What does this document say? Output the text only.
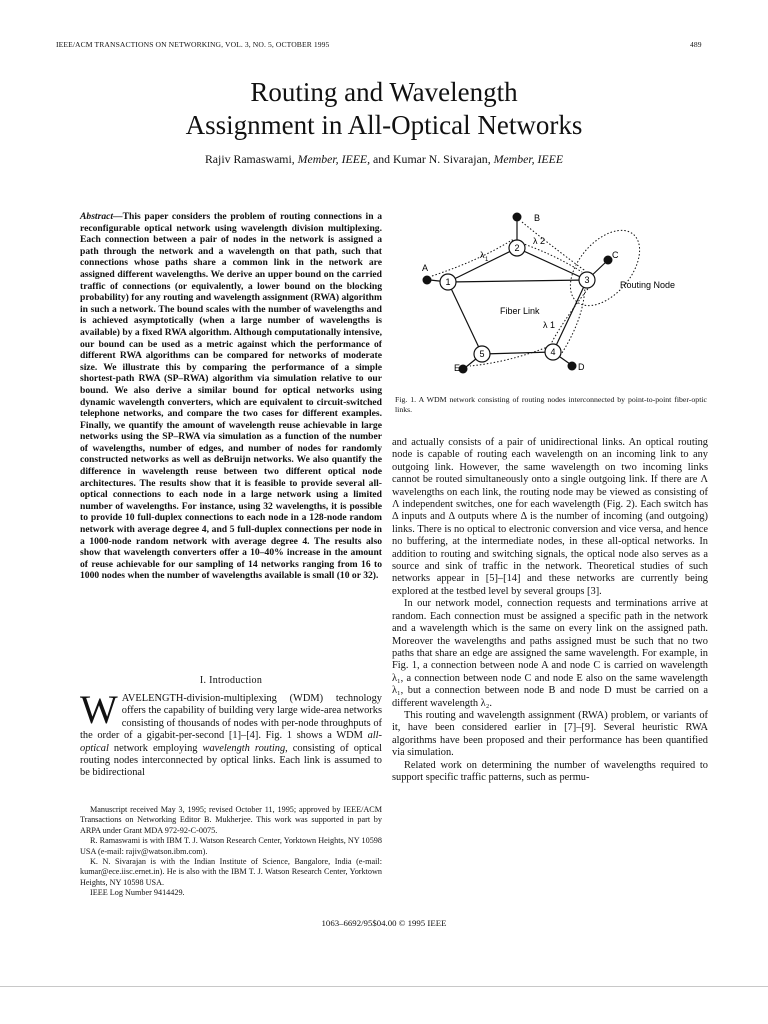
IEEE/ACM TRANSACTIONS ON NETWORKING, VOL. 3, NO. 5, OCTOBER 1995	489
Routing and Wavelength
Assignment in All-Optical Networks
Rajiv Ramaswami, Member, IEEE, and Kumar N. Sivarajan, Member, IEEE
Abstract—This paper considers the problem of routing connections in a reconfigurable optical network using wavelength division multiplexing. Each connection between a pair of nodes in the network is assigned a path through the network and a wavelength on that path, such that connections whose paths share a common link in the network are assigned different wavelengths. We derive an upper bound on the carried traffic of connections (or equivalently, a lower bound on the blocking probability) for any routing and wavelength assignment (RWA) algorithm in such a network. The bound scales with the number of wavelengths and is achieved asymptotically (when a large number of wavelengths is available) by a fixed RWA algorithm. Although computationally intensive, our bound can be used as a metric against which the performance of different RWA algorithms can be compared for networks of moderate size. We illustrate this by comparing the performance of a simple shortest-path RWA (SP–RWA) algorithm via simulation relative to our bound. We also derive a similar bound for optical networks using dynamic wavelength converters, which are equivalent to circuit-switched telephone networks, and compare the two cases for different examples. Finally, we quantify the amount of wavelength reuse achievable in large networks using the SP–RWA via simulation as a function of the number of wavelengths, number of edges, and number of nodes for randomly constructed networks as well as deBruijn networks. We also quantify the difference in wavelength reuse between two different optical node architectures. The results show that it is feasible to provide several all-optical connections to each node in a large network using a limited number of wavelengths. For instance, using 32 wavelengths, it is possible to provide 10 full-duplex connections to each node in a 128-node random network with average degree 4, and 5 full-duplex connections per node in a 1000-node random network with average degree 4. The results also show that wavelength converters offer a 10–40% increase in the amount of reuse achievable for our sampling of 14 networks ranging from 16 to 1000 nodes when the number of wavelengths available is small (10 or 32).
I. Introduction
WAVELENGTH-division-multiplexing (WDM) technology offers the capability of building very large wide-area networks consisting of thousands of nodes with per-node throughputs of the order of a gigabit-per-second [1]–[4]. Fig. 1 shows a WDM all-optical network employing wavelength routing, consisting of optical routing nodes interconnected by optical links. Each link is assumed to be bidirectional

Manuscript received May 3, 1995; revised October 11, 1995; approved by IEEE/ACM Transactions on Networking Editor B. Mukherjee. This work was supported in part by ARPA under Grant MDA 972-92-C-0075.

R. Ramaswami is with IBM T. J. Watson Research Center, Yorktown Heights, NY 10598 USA (e-mail: rajiv@watson.ibm.com).

K. N. Sivarajan is with the Indian Institute of Science, Bangalore, India (e-mail: kumar@ece.iisc.ernet.in). He is also with the IBM T. J. Watson Research Center, Yorktown Heights, NY 10598 USA.

IEEE Log Number 9414429.

1
2
3
4
5
A
B
C
D
E
Routing Node
Fiber Link
λ 1
λ 2
λ 1
Fig. 1. A WDM network consisting of routing nodes interconnected by point-to-point fiber-optic links.

and actually consists of a pair of unidirectional links. An optical routing node is capable of routing each wavelength on an incoming link to any outgoing link. However, the same wavelength on two incoming links cannot be routed simultaneously onto a single outgoing link. If there are Λ wavelengths on each link, the routing node may be viewed as consisting of Λ independent switches, one for each wavelength (Fig. 2). Each switch has Δ inputs and Δ outputs where Δ is the number of incoming (and outgoing) links. There is no optical to electronic conversion and vice versa, and hence no buffering, at the intermediate nodes, in these all-optical networks. In addition to routing and switching signals, the optical node also serves as a source and sink of traffic in the network. Theoretical studies of such networks appear in [5]–[14] and these networks are currently being explored at the testbed level by several groups [3].

In our network model, connection requests and terminations arrive at random. Each connection must be assigned a specific path in the network and a wavelength which is the same on every link on the assigned path. Moreover the wavelengths and paths assigned must be such that no two paths that share an edge are assigned the same wavelength. For example, in Fig. 1, a connection between node A and node C is carried on wavelength λ₁, a connection between node C and node E also on the same wavelength λ₁, but a connection between node B and node D must be carried on a different wavelength λ₂.

This routing and wavelength assignment (RWA) problem, or variants of it, have been considered earlier in [7]–[9]. Several heuristic RWA algorithms have been proposed and their performance has been quantified via simulation.

Related work on determining the number of wavelengths required to support specific traffic patterns, such as permu-

1063–6692/95$04.00 © 1995 IEEE
